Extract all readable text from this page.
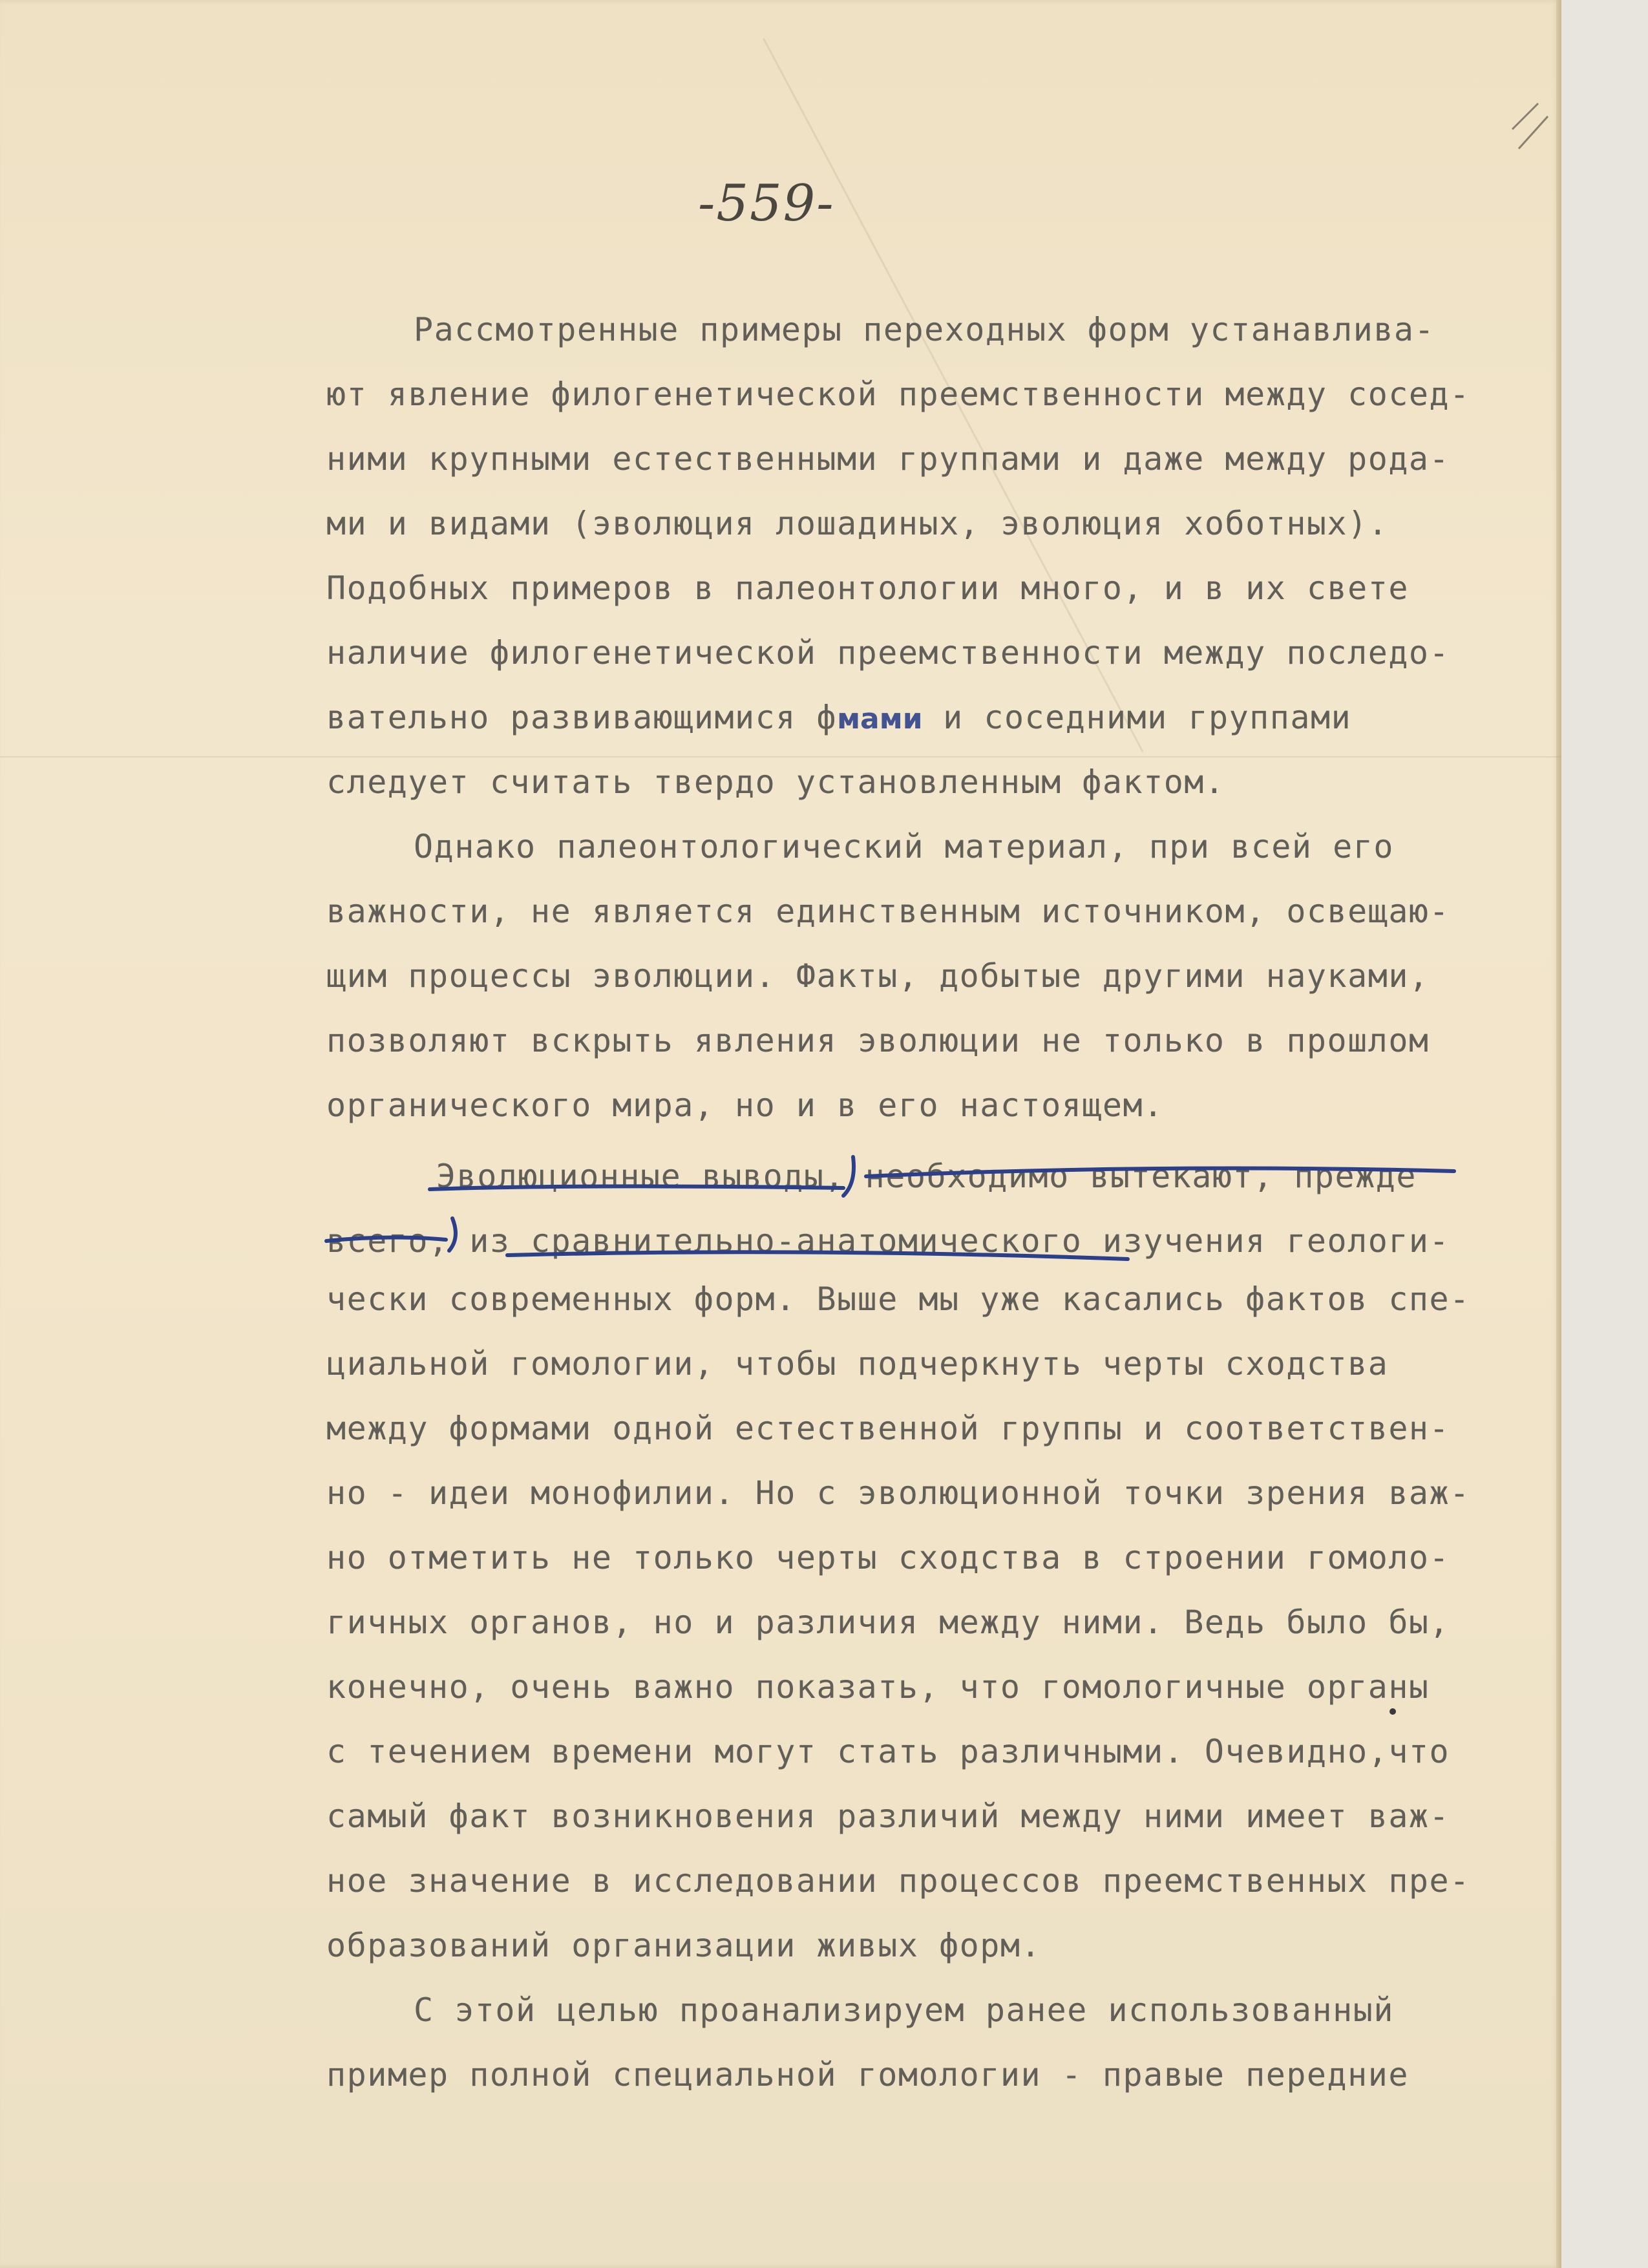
-559-
Рассмотренные примеры переходных форм устанавлива-
ют явление филогенетической преемственности между сосед-
ними крупными естественными группами и даже между рода-
ми и видами (эволюция лошадиных, эволюция хоботных).
Подобных примеров в палеонтологии много, и в их свете
наличие филогенетической преемственности между последо-
вательно развивающимися фмами и соседними группами
следует считать твердо установленным фактом.
Однако палеонтологический материал, при всей его
важности, не является единственным источником, освещаю-
щим процессы эволюции. Факты, добытые другими науками,
позволяют вскрыть явления эволюции не только в прошлом
органического мира, но и в его настоящем.
Эволюционные выводы, необходимо вытекают, прежде
всего, из сравнительно-анатомического изучения геологи-
чески современных форм. Выше мы уже касались фактов спе-
циальной гомологии, чтобы подчеркнуть черты сходства
между формами одной естественной группы и соответствен-
но - идеи монофилии. Но с эволюционной точки зрения важ-
но отметить не только черты сходства в строении гомоло-
гичных органов, но и различия между ними. Ведь было бы,
конечно, очень важно показать, что гомологичные органы
с течением времени могут стать различными. Очевидно,что
самый факт возникновения различий между ними имеет важ-
ное значение в исследовании процессов преемственных пре-
образований организации живых форм.
С этой целью проанализируем ранее использованный
пример полной специальной гомологии - правые передние
